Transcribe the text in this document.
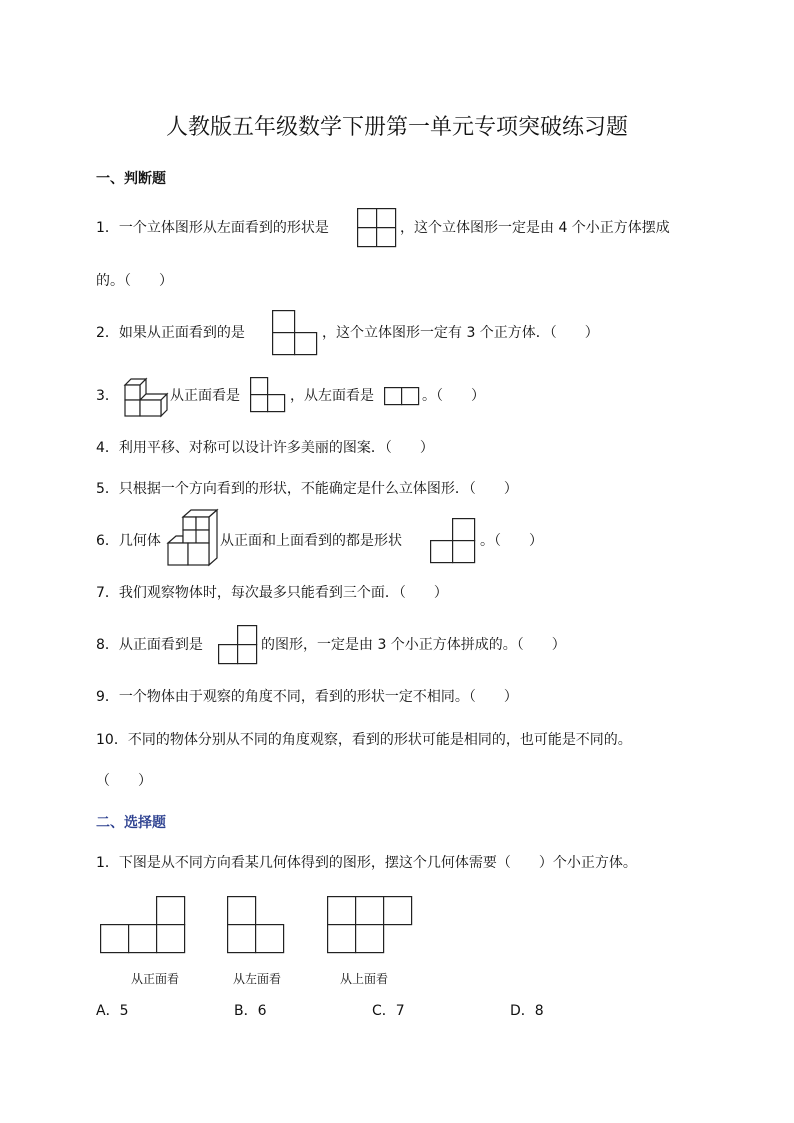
人教版五年级数学下册第一单元专项突破练习题
一、判断题
1．一个立体图形从左面看到的形状是	，这个立体图形一定是由 4 个小正方体摆成
的。（　　）
2．如果从正面看到的是	，这个立体图形一定有 3 个正方体．（　　）
3．	从正面看是	，从左面看是	。（　　）
4．利用平移、对称可以设计许多美丽的图案．（　　）
5．只根据一个方向看到的形状，不能确定是什么立体图形．（　　）
6．几何体	从正面和上面看到的都是形状	。（　　）
7．我们观察物体时，每次最多只能看到三个面．（　　）
8．从正面看到是	的图形，一定是由 3 个小正方体拼成的。（　　）
9．一个物体由于观察的角度不同，看到的形状一定不相同。（　　）
10．不同的物体分别从不同的角度观察，看到的形状可能是相同的，也可能是不同的。
（　　）
二、选择题
1．下图是从不同方向看某几何体得到的图形，摆这个几何体需要（　　）个小正方体。
从正面看	从左面看	从上面看
A．5	B．6	C．7	D．8
